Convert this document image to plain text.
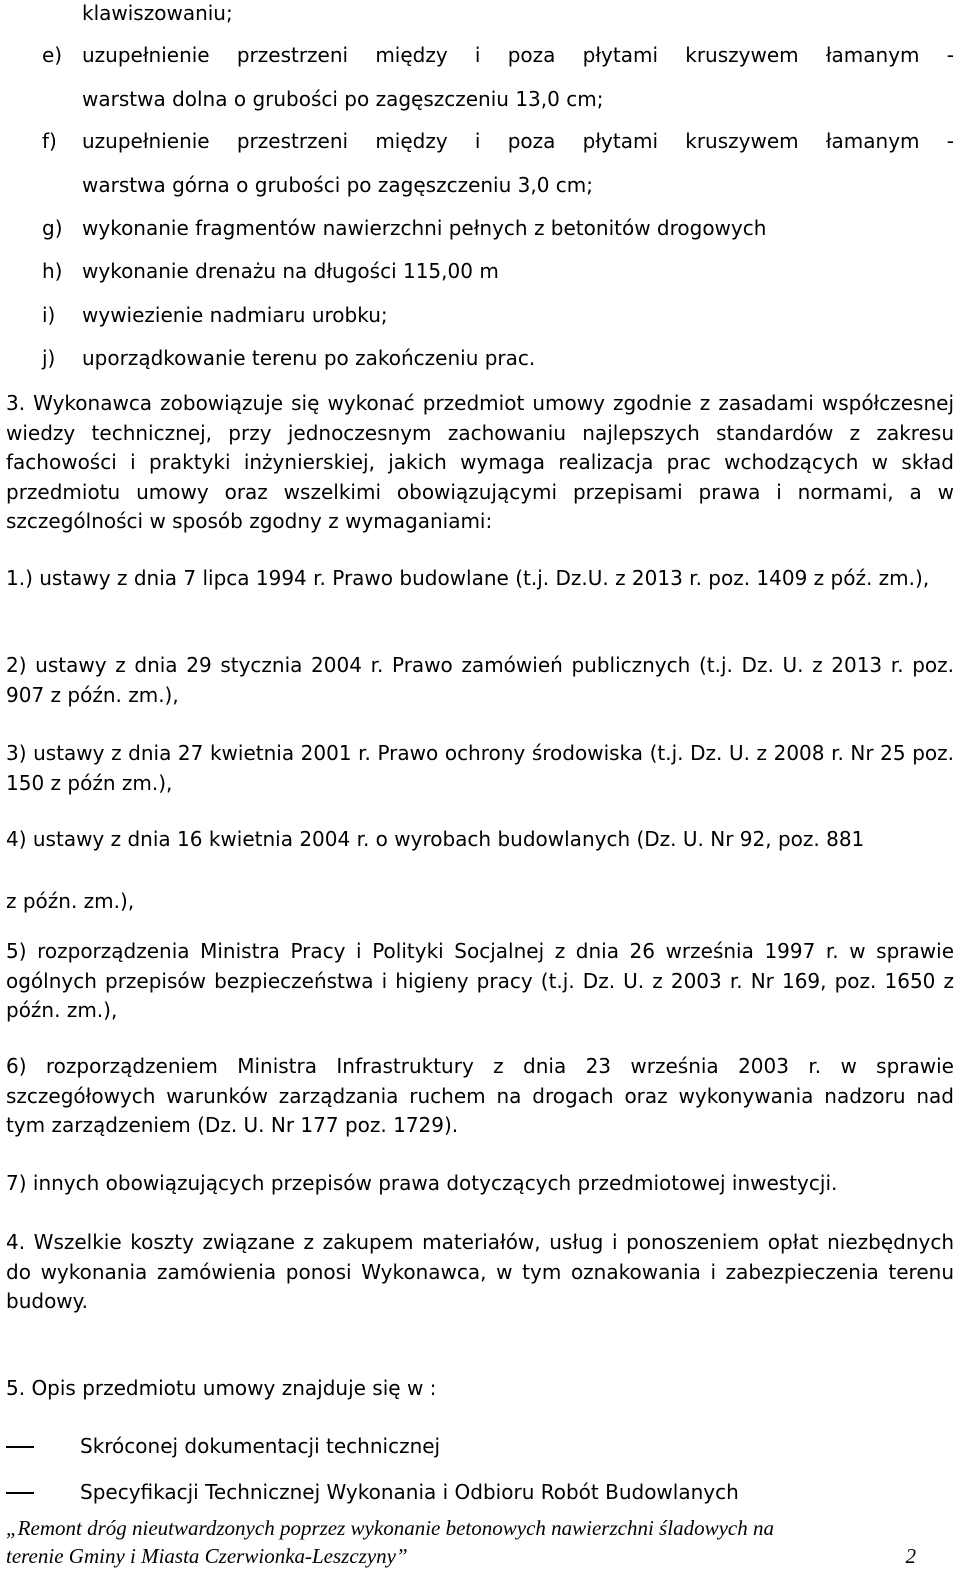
klawiszowaniu;
e) uzupełnienie przestrzeni między i poza płytami kruszywem łamanym -
warstwa dolna o grubości po zagęszczeniu 13,0 cm;
f) uzupełnienie przestrzeni między i poza płytami kruszywem łamanym -
warstwa górna o grubości po zagęszczeniu 3,0 cm;
g) wykonanie fragmentów nawierzchni pełnych z betonitów drogowych
h) wykonanie drenażu na długości 115,00 m
i) wywiezienie nadmiaru urobku;
j) uporządkowanie terenu po zakończeniu prac.
3. Wykonawca zobowiązuje się wykonać przedmiot umowy zgodnie z zasadami współczesnej wiedzy technicznej, przy jednoczesnym zachowaniu najlepszych standardów z zakresu fachowości i praktyki inżynierskiej, jakich wymaga realizacja prac wchodzących w skład przedmiotu umowy oraz wszelkimi obowiązującymi przepisami prawa i normami, a w szczególności w sposób zgodny z wymaganiami:
1.) ustawy z dnia 7 lipca 1994 r. Prawo budowlane (t.j. Dz.U. z 2013 r. poz. 1409 z póź. zm.),
2) ustawy z dnia 29 stycznia 2004 r. Prawo zamówień publicznych (t.j. Dz. U. z 2013 r. poz. 907 z późn. zm.),
3) ustawy z dnia 27 kwietnia 2001 r. Prawo ochrony środowiska (t.j. Dz. U. z 2008 r. Nr 25 poz. 150 z późn zm.),
4) ustawy z dnia 16 kwietnia 2004 r. o wyrobach budowlanych (Dz. U. Nr 92, poz. 881
z późn. zm.),
5) rozporządzenia Ministra Pracy i Polityki Socjalnej z dnia 26 września 1997 r. w sprawie ogólnych przepisów bezpieczeństwa i higieny pracy (t.j. Dz. U. z 2003 r. Nr 169, poz. 1650 z późn. zm.),
6) rozporządzeniem Ministra Infrastruktury z dnia 23 września 2003 r. w sprawie szczegółowych warunków zarządzania ruchem na drogach oraz wykonywania nadzoru nad tym zarządzeniem (Dz. U. Nr 177 poz. 1729).
7) innych obowiązujących przepisów prawa dotyczących przedmiotowej inwestycji.
4. Wszelkie koszty związane z zakupem materiałów, usług i ponoszeniem opłat niezbędnych do wykonania zamówienia ponosi Wykonawca, w tym oznakowania i zabezpieczenia terenu budowy.
5. Opis przedmiotu umowy znajduje się w :
Skróconej dokumentacji technicznej
Specyfikacji Technicznej Wykonania i Odbioru Robót Budowlanych
„Remont dróg nieutwardzonych poprzez wykonanie betonowych nawierzchni śladowych na
terenie Gminy i Miasta Czerwionka-Leszczyny”	2
